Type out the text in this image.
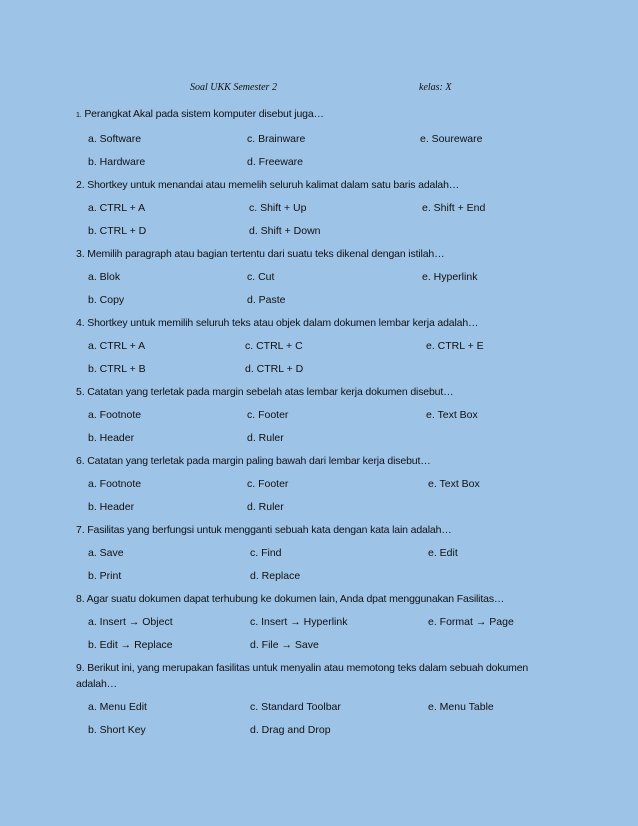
Soal UKK Semester 2	kelas: X
1. Perangkat Akal pada sistem komputer disebut juga…
a. Software	c. Brainware	e. Soureware
b. Hardware	d. Freeware
2. Shortkey untuk menandai atau memelih seluruh kalimat dalam satu baris adalah…
a. CTRL + A	c. Shift + Up	e. Shift + End
b. CTRL + D	d. Shift + Down
3. Memilih paragraph atau bagian tertentu dari suatu teks dikenal dengan istilah…
a. Blok	c. Cut	e. Hyperlink
b. Copy	d. Paste
4. Shortkey untuk memilih seluruh teks atau objek dalam dokumen lembar kerja adalah…
a. CTRL + A	c. CTRL + C	e. CTRL + E
b. CTRL + B	d. CTRL + D
5. Catatan yang terletak pada margin sebelah atas lembar kerja dokumen disebut…
a. Footnote	c. Footer	e. Text Box
b. Header	d. Ruler
6. Catatan yang terletak pada margin paling bawah dari lembar kerja disebut…
a. Footnote	c. Footer	e. Text Box
b. Header	d. Ruler
7. Fasilitas yang berfungsi untuk mengganti sebuah kata dengan kata lain adalah…
a. Save	c. Find	e. Edit
b. Print	d. Replace
8. Agar suatu dokumen dapat terhubung ke dokumen lain, Anda dpat menggunakan Fasilitas…
a. Insert → Object	c. Insert → Hyperlink	e. Format → Page
b. Edit → Replace	d. File → Save
9. Berikut ini, yang merupakan fasilitas untuk menyalin atau memotong teks dalam sebuah dokumen adalah…
a. Menu Edit	c. Standard Toolbar	e. Menu Table
b. Short Key	d. Drag and Drop
